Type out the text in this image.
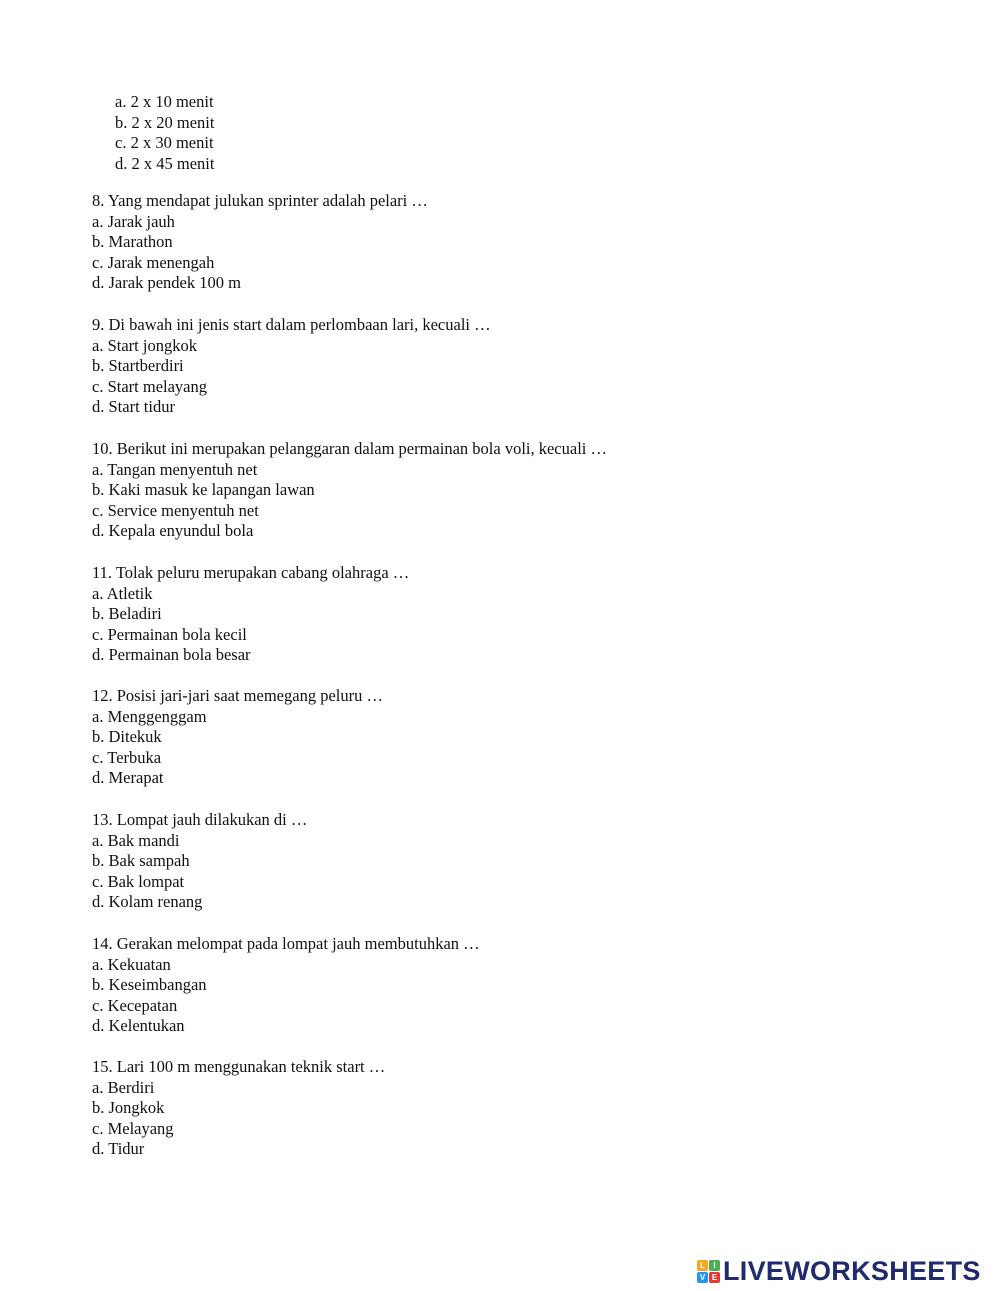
a. 2 x 10 menit
b. 2 x 20 menit
c. 2 x 30 menit
d. 2 x 45 menit
8. Yang mendapat julukan sprinter adalah pelari …
a. Jarak jauh
b. Marathon
c. Jarak menengah
d. Jarak pendek 100 m
9. Di bawah ini jenis start dalam perlombaan lari, kecuali …
a. Start jongkok
b. Startberdiri
c. Start melayang
d. Start tidur
10. Berikut ini merupakan pelanggaran dalam permainan bola voli, kecuali …
a. Tangan menyentuh net
b. Kaki masuk ke lapangan lawan
c. Service menyentuh net
d. Kepala enyundul bola
11. Tolak peluru merupakan cabang olahraga …
a. Atletik
b. Beladiri
c. Permainan bola kecil
d. Permainan bola besar
12. Posisi jari-jari saat memegang peluru …
a. Menggenggam
b. Ditekuk
c. Terbuka
d. Merapat
13. Lompat jauh dilakukan di …
a. Bak mandi
b. Bak sampah
c. Bak lompat
d. Kolam renang
14. Gerakan melompat pada lompat jauh membutuhkan …
a. Kekuatan
b. Keseimbangan
c. Kecepatan
d. Kelentukan
15. Lari 100 m menggunakan teknik start …
a. Berdiri
b. Jongkok
c. Melayang
d. Tidur
L	I
V E LIVEWORKSHEETS
